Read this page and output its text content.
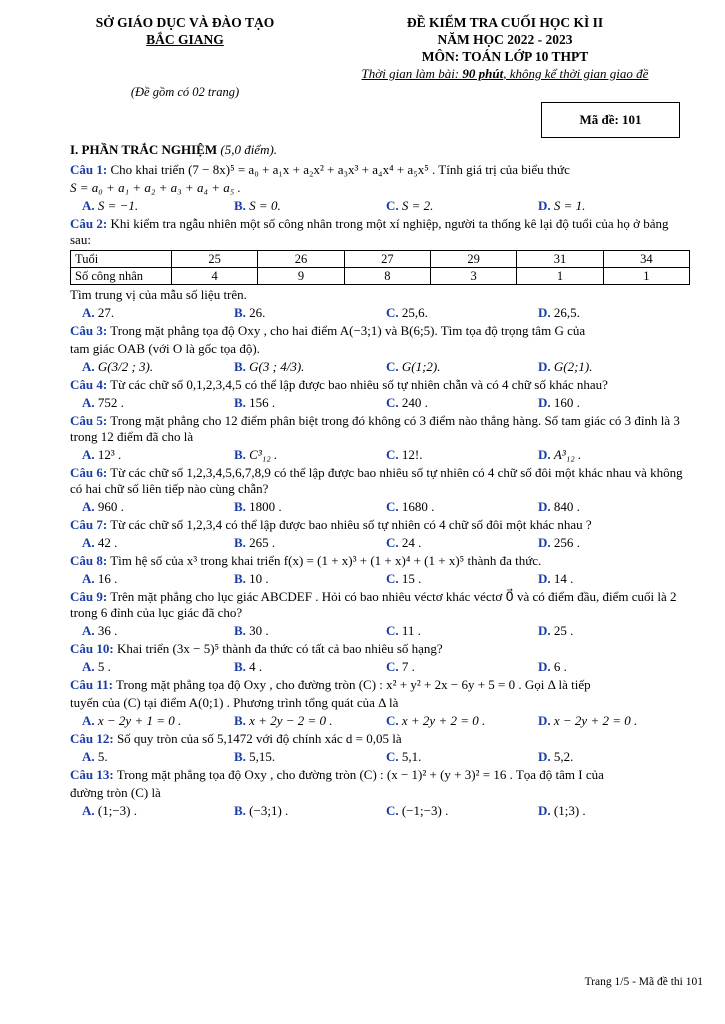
SỞ GIÁO DỤC VÀ ĐÀO TẠO

BẮC GIANG
ĐỀ KIỂM TRA CUỐI HỌC KÌ II
NĂM HỌC 2022 - 2023
MÔN: TOÁN LỚP 10 THPT
Thời gian làm bài: 90 phút, không kể thời gian giao đề
(Đề gồm có 02 trang)
Mã đề: 101
I. PHẦN TRẮC NGHIỆM (5,0 điểm).
Câu 1: Cho khai triển (7 − 8x)⁵ = a₀ + a₁x + a₂x² + a₃x³ + a₄x⁴ + a₅x⁵ . Tính giá trị của biểu thức
S = a₀ + a₁ + a₂ + a₃ + a₄ + a₅ .
A. S = −1.	B. S = 0.	C. S = 2.	D. S = 1.
Câu 2: Khi kiểm tra ngẫu nhiên một số công nhân trong một xí nghiệp, người ta thống kê lại độ tuổi của họ ở bảng sau:
Tuổi	25	26	27	29	31	34
Số công nhân	4	9	8	3	1	1
Tìm trung vị của mẫu số liệu trên.
A. 27.	B. 26.	C. 25,6.	D. 26,5.
Câu 3: Trong mặt phẳng tọa độ Oxy , cho hai điểm A(−3;1) và B(6;5). Tìm tọa độ trọng tâm G của
tam giác OAB (với O là gốc tọa độ).
A. G(3/2 ; 3).	B. G(3 ; 4/3).	C. G(1;2).	D. G(2;1).
Câu 4: Từ các chữ số 0,1,2,3,4,5 có thể lập được bao nhiêu số tự nhiên chẵn và có 4 chữ số khác nhau?
A. 752 .	B. 156 .	C. 240 .	D. 160 .
Câu 5: Trong mặt phẳng cho 12 điểm phân biệt trong đó không có 3 điểm nào thẳng hàng. Số tam giác có 3 đỉnh là 3 trong 12 điểm đã cho là
A. 12³ .	B. C³₁₂ .	C. 12!.	D. A³₁₂ .
Câu 6: Từ các chữ số 1,2,3,4,5,6,7,8,9 có thể lập được bao nhiêu số tự nhiên có 4 chữ số đôi một khác nhau và không có hai chữ số liên tiếp nào cùng chẵn?
A. 960 .	B. 1800 .	C. 1680 .	D. 840 .
Câu 7: Từ các chữ số 1,2,3,4 có thể lập được bao nhiêu số tự nhiên có 4 chữ số đôi một khác nhau ?
A. 42 .	B. 265 .	C. 24 .	D. 256 .
Câu 8: Tìm hệ số của x³ trong khai triển f(x) = (1 + x)³ + (1 + x)⁴ + (1 + x)⁵ thành đa thức.
A. 16 .	B. 10 .	C. 15 .	D. 14 .
Câu 9: Trên mặt phẳng cho lục giác ABCDEF . Hỏi có bao nhiêu véctơ khác véctơ 0⃗ và có điểm đầu, điểm cuối là 2 trong 6 đỉnh của lục giác đã cho?
A. 36 .	B. 30 .	C. 11 .	D. 25 .
Câu 10: Khai triển (3x − 5)⁵ thành đa thức có tất cả bao nhiêu số hạng?
A. 5 .	B. 4 .	C. 7 .	D. 6 .
Câu 11: Trong mặt phẳng tọa độ Oxy , cho đường tròn (C) : x² + y² + 2x − 6y + 5 = 0 . Gọi Δ là tiếp
tuyến của (C) tại điểm A(0;1) . Phương trình tổng quát của Δ là
A. x − 2y + 1 = 0 .	B. x + 2y − 2 = 0 .	C. x + 2y + 2 = 0 .	D. x − 2y + 2 = 0 .
Câu 12: Số quy tròn của số 5,1472 với độ chính xác d = 0,05 là
A. 5.	B. 5,15.	C. 5,1.	D. 5,2.
Câu 13: Trong mặt phẳng tọa độ Oxy , cho đường tròn (C) : (x − 1)² + (y + 3)² = 16 . Tọa độ tâm I của
đường tròn (C) là
A. (1;−3) .	B. (−3;1) .	C. (−1;−3) .	D. (1;3) .
Trang 1/5 - Mã đề thi 101
